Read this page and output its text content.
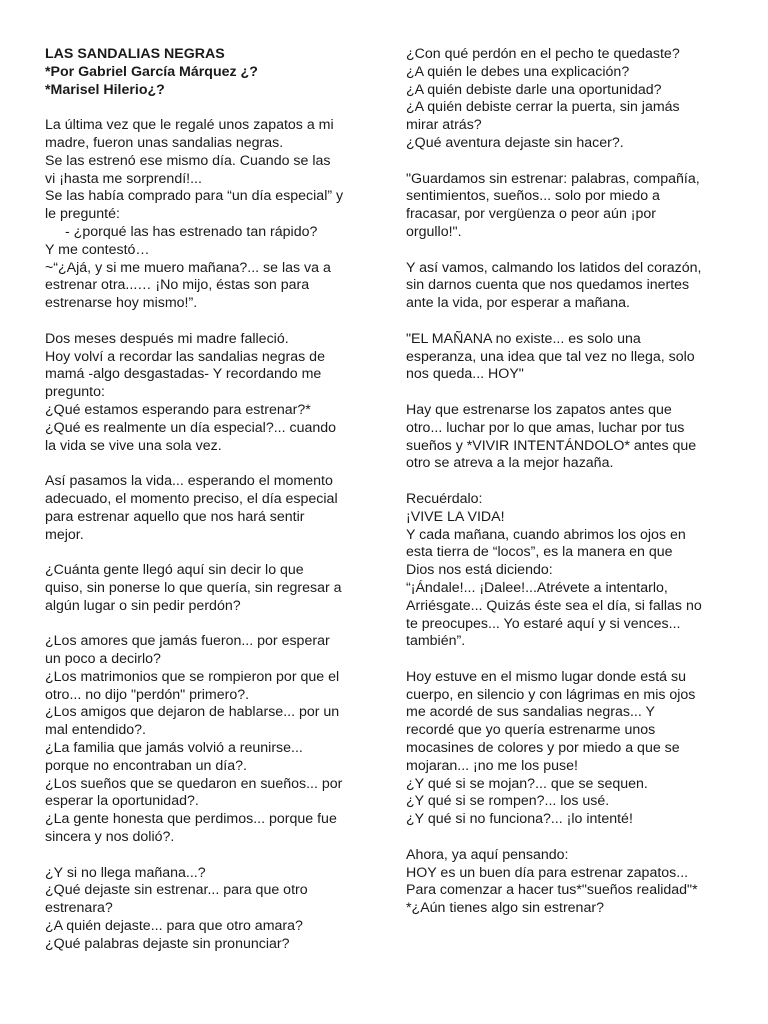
LAS SANDALIAS NEGRAS
*Por Gabriel García Márquez ¿?
*Marisel Hilerio¿?
La última vez que le regalé unos zapatos a mi
madre, fueron unas sandalias negras.
Se las estrenó ese mismo día. Cuando se las
vi ¡hasta me sorprendí!...
Se las había comprado para “un día especial” y
le pregunté:
- ¿porqué las has estrenado tan rápido?
Y me contestó…
~“¿Ajá, y si me muero mañana?... se las va a
estrenar otra...… ¡No mijo, éstas son para
estrenarse hoy mismo!”.
Dos meses después mi madre falleció.
Hoy volví a recordar las sandalias negras de
mamá -algo desgastadas- Y recordando me
pregunto:
¿Qué estamos esperando para estrenar?*
¿Qué es realmente un día especial?... cuando
la vida se vive una sola vez.
Así pasamos la vida... esperando el momento
adecuado, el momento preciso, el día especial
para estrenar aquello que nos hará sentir
mejor.
¿Cuánta gente llegó aquí sin decir lo que
quiso, sin ponerse lo que quería, sin regresar a
algún lugar o sin pedir perdón?
¿Los amores que jamás fueron... por esperar
un poco a decirlo?
¿Los matrimonios que se rompieron por que el
otro... no dijo "perdón" primero?.
¿Los amigos que dejaron de hablarse... por un
mal entendido?.
¿La familia que jamás volvió a reunirse...
porque no encontraban un día?.
¿Los sueños que se quedaron en sueños... por
esperar la oportunidad?.
¿La gente honesta que perdimos... porque fue
sincera y nos dolió?.
¿Y si no llega mañana...?
¿Qué dejaste sin estrenar... para que otro
estrenara?
¿A quién dejaste... para que otro amara?
¿Qué palabras dejaste sin pronunciar?
¿Con qué perdón en el pecho te quedaste?
¿A quién le debes una explicación?
¿A quién debiste darle una oportunidad?
¿A quién debiste cerrar la puerta, sin jamás
mirar atrás?
¿Qué aventura dejaste sin hacer?.
"Guardamos sin estrenar: palabras, compañía,
sentimientos, sueños... solo por miedo a
fracasar, por vergüenza o peor aún ¡por
orgullo!".
Y así vamos, calmando los latidos del corazón,
sin darnos cuenta que nos quedamos inertes
ante la vida, por esperar a mañana.
"EL MAÑANA no existe... es solo una
esperanza, una idea que tal vez no llega, solo
nos queda... HOY"
Hay que estrenarse los zapatos antes que
otro... luchar por lo que amas, luchar por tus
sueños y *VIVIR INTENTÁNDOLO* antes que
otro se atreva a la mejor hazaña.
Recuérdalo:
¡VIVE LA VIDA!
Y cada mañana, cuando abrimos los ojos en
esta tierra de “locos”, es la manera en que
Dios nos está diciendo:
“¡Ándale!... ¡Dalee!...Atrévete a intentarlo,
Arriésgate... Quizás éste sea el día, si fallas no
te preocupes... Yo estaré aquí y si vences...
también”.
Hoy estuve en el mismo lugar donde está su
cuerpo, en silencio y con lágrimas en mis ojos
me acordé de sus sandalias negras... Y
recordé que yo quería estrenarme unos
mocasines de colores y por miedo a que se
mojaran... ¡no me los puse!
¿Y qué si se mojan?... que se sequen.
¿Y qué si se rompen?... los usé.
¿Y qué si no funciona?... ¡lo intenté!
Ahora, ya aquí pensando:
HOY es un buen día para estrenar zapatos...
Para comenzar a hacer tus*"sueños realidad"*
*¿Aún tienes algo sin estrenar?
